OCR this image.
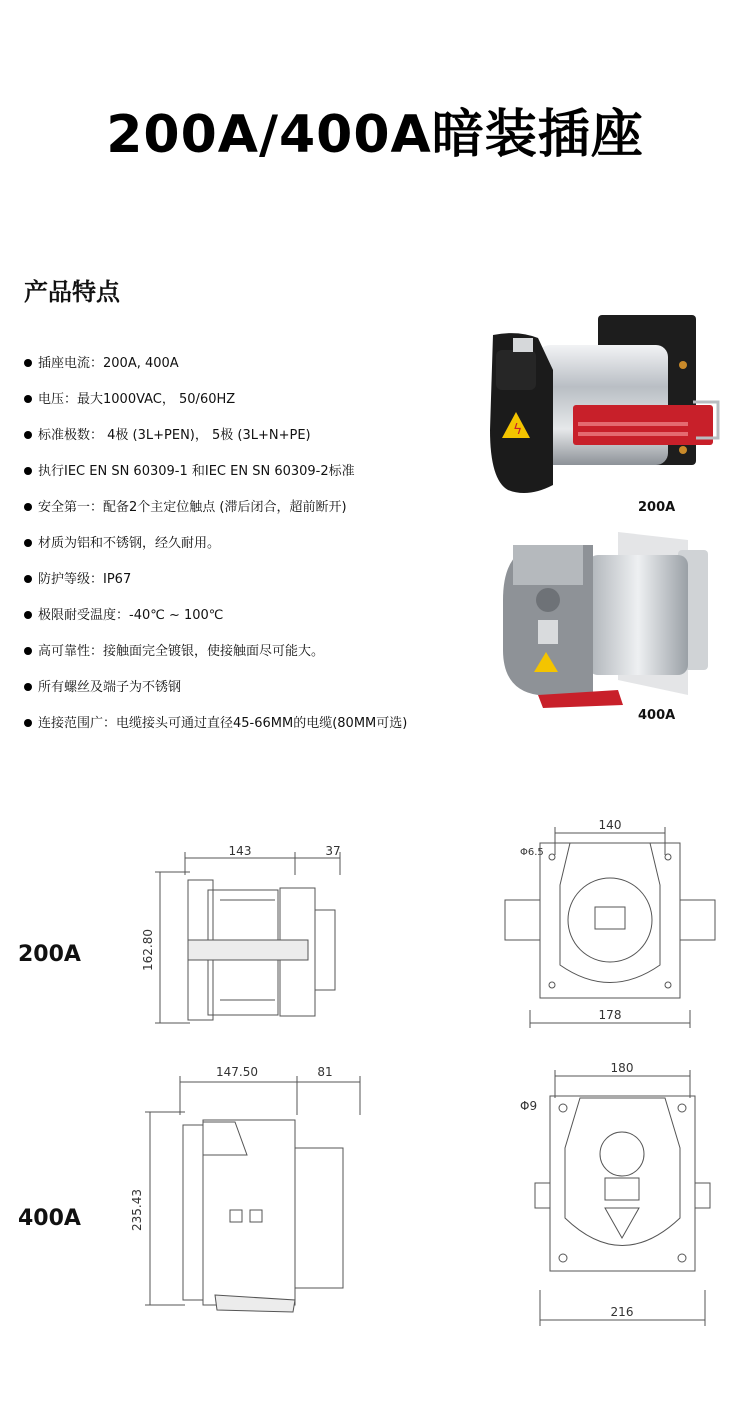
200A/400A暗装插座
产品特点
插座电流：200A, 400A
电压：最大1000VAC， 50/60HZ
标准极数： 4极 (3L+PEN)， 5极 (3L+N+PE)
执行IEC EN SN 60309-1 和IEC EN SN 60309-2标准
安全第一：配备2个主定位触点 (滞后闭合，超前断开)
材质为铝和不锈钢，经久耐用。
防护等级：IP67
极限耐受温度：-40℃ ~ 100℃
高可靠性：接触面完全镀银，使接触面尽可能大。
所有螺丝及端子为不锈钢
连接范围广：电缆接头可通过直径45-66MM的电缆(80MM可选)
ϟ
200A
400A
200A
143	37
162.80
140
Φ6.5
178
400A
147.50	81
235.43
180
Φ9
216
